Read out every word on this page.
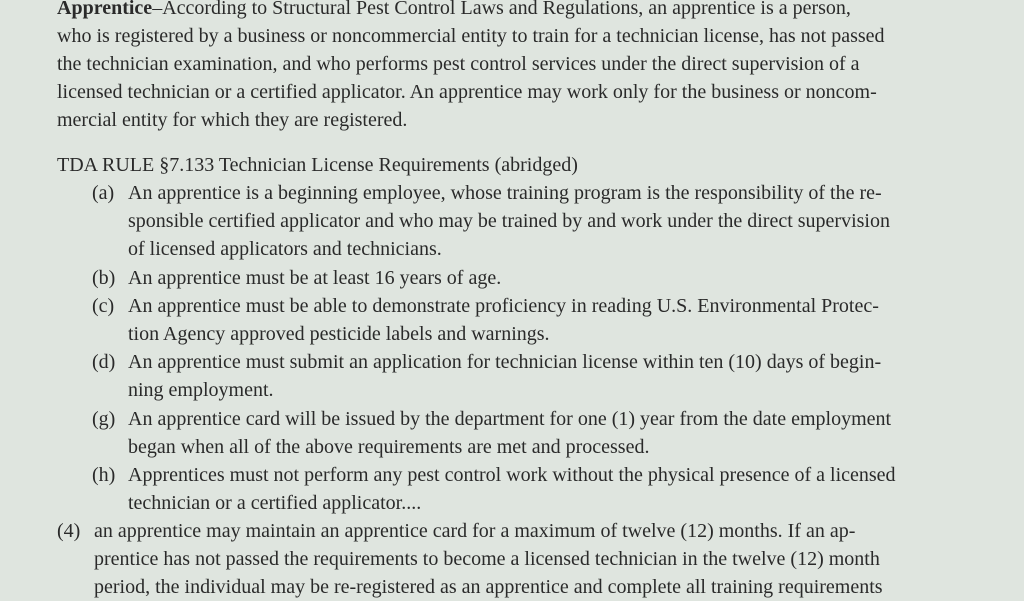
Apprentice–According to Structural Pest Control Laws and Regulations, an apprentice is a person,
who is registered by a business or noncommercial entity to train for a technician license, has not passed
the technician examination, and who performs pest control services under the direct supervision of a
licensed technician or a certified applicator. An apprentice may work only for the business or noncom-
mercial entity for which they are registered.
TDA RULE §7.133 Technician License Requirements (abridged)
(a) An apprentice is a beginning employee, whose training program is the responsibility of the re-
sponsible certified applicator and who may be trained by and work under the direct supervision
of licensed applicators and technicians.
(b) An apprentice must be at least 16 years of age.
(c) An apprentice must be able to demonstrate proficiency in reading U.S. Environmental Protec-
tion Agency approved pesticide labels and warnings.
(d) An apprentice must submit an application for technician license within ten (10) days of begin-
ning employment.
(g) An apprentice card will be issued by the department for one (1) year from the date employment
began when all of the above requirements are met and processed.
(h) Apprentices must not perform any pest control work without the physical presence of a licensed
technician or a certified applicator....
(4) an apprentice may maintain an apprentice card for a maximum of twelve (12) months. If an ap-
prentice has not passed the requirements to become a licensed technician in the twelve (12) month
period, the individual may be re-registered as an apprentice and complete all training requirements
